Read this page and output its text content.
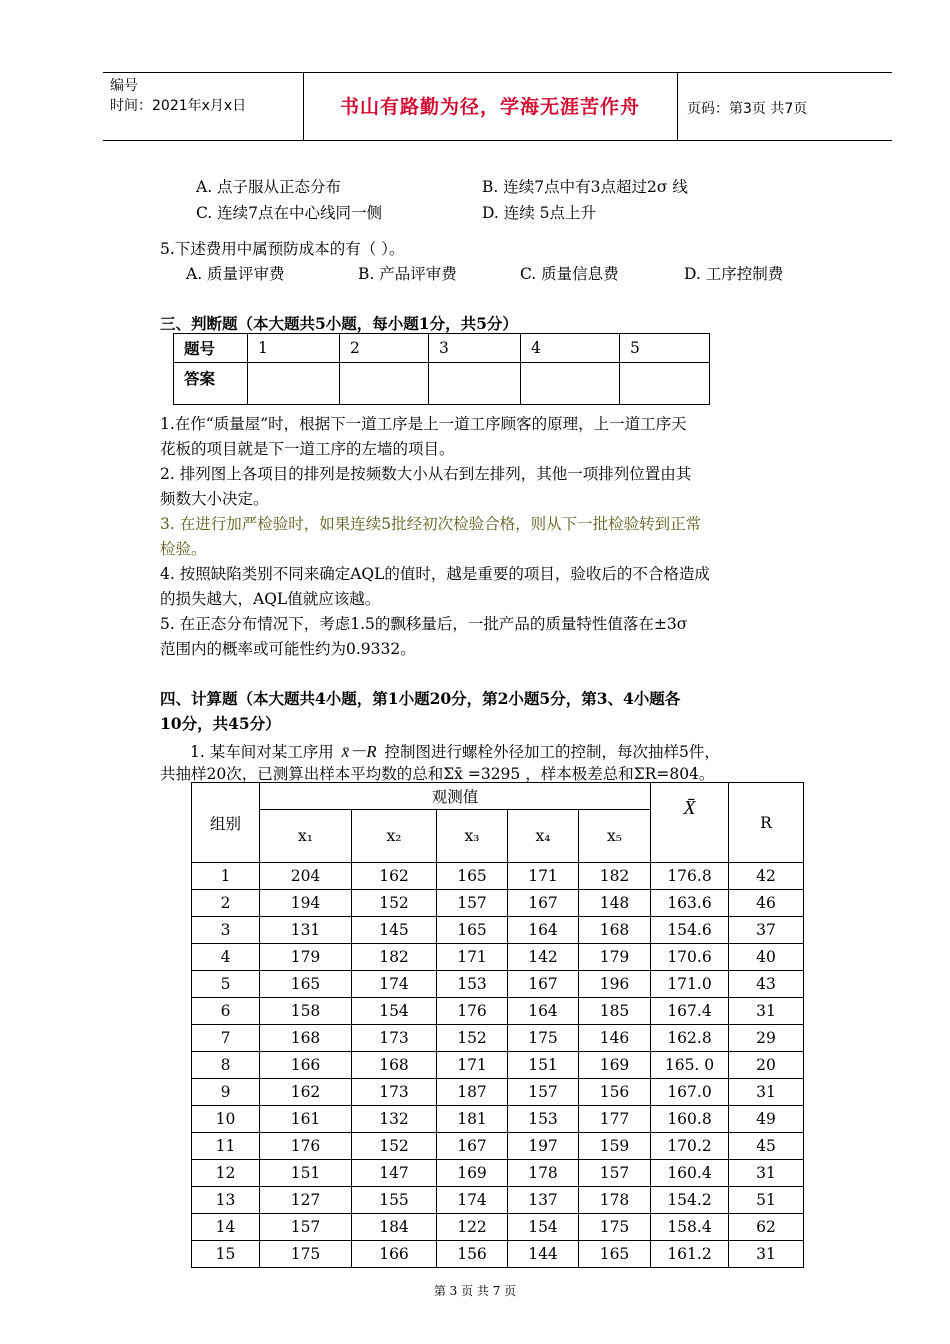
编号
时间：2021年x月x日	书山有路勤为径，学海无涯苦作舟	页码：第3页 共7页
A. 点子服从正态分布	B. 连续7点中有3点超过2σ 线
C. 连续7点在中心线同一侧	D. 连续 5点上升
5.下述费用中属预防成本的有（ ）。
A. 质量评审费	B. 产品评审费	C. 质量信息费	D. 工序控制费
三、判断题（本大题共5小题，每小题1分，共5分）
题号	1	2	3	4	5
答案					
1.在作“质量屋”时，根据下一道工序是上一道工序顾客的原理，上一道工序天
花板的项目就是下一道工序的左墙的项目。
2. 排列图上各项目的排列是按频数大小从右到左排列，其他一项排列位置由其
频数大小决定。
3. 在进行加严检验时，如果连续5批经初次检验合格，则从下一批检验转到正常
检验。
4. 按照缺陷类别不同来确定AQL的值时，越是重要的项目，验收后的不合格造成
的损失越大，AQL值就应该越。
5. 在正态分布情况下，考虑1.5的飘移量后，一批产品的质量特性值落在±3σ
范围内的概率或可能性约为0.9332。
四、计算题（本大题共4小题，第1小题20分，第2小题5分，第3、4小题各
10分，共45分）
1. 某车间对某工序用 x̄－R 控制图进行螺栓外径加工的控制，每次抽样5件，
共抽样20次，已测算出样本平均数的总和Σx̄ =3295 ，样本极差总和ΣR=804。
组别	观测值					X̄	R
	x₁	x₂	x₃	x₄	x₅		
1	204	162	165	171	182	176.8	42
2	194	152	157	167	148	163.6	46
3	131	145	165	164	168	154.6	37
4	179	182	171	142	179	170.6	40
5	165	174	153	167	196	171.0	43
6	158	154	176	164	185	167.4	31
7	168	173	152	175	146	162.8	29
8	166	168	171	151	169	165. 0	20
9	162	173	187	157	156	167.0	31
10	161	132	181	153	177	160.8	49
11	176	152	167	197	159	170.2	45
12	151	147	169	178	157	160.4	31
13	127	155	174	137	178	154.2	51
14	157	184	122	154	175	158.4	62
15	175	166	156	144	165	161.2	31
第 3 页 共 7 页
